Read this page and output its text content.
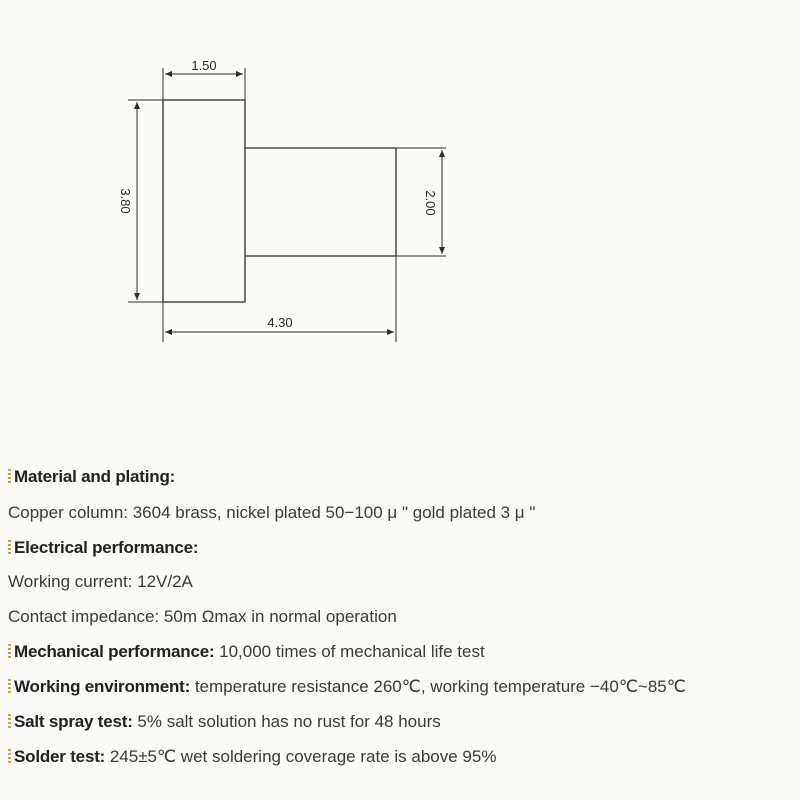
1.50
3.80	2.00
4.30
Material and plating:
Copper column: 3604 brass, nickel plated 50−100 μ " gold plated 3 μ "
Electrical performance:
Working current: 12V/2A
Contact impedance: 50m Ωmax in normal operation
Mechanical performance: 10,000 times of mechanical life test
Working environment: temperature resistance 260℃, working temperature −40℃~85℃
Salt spray test: 5% salt solution has no rust for 48 hours
Solder test: 245±5℃ wet soldering coverage rate is above 95%
